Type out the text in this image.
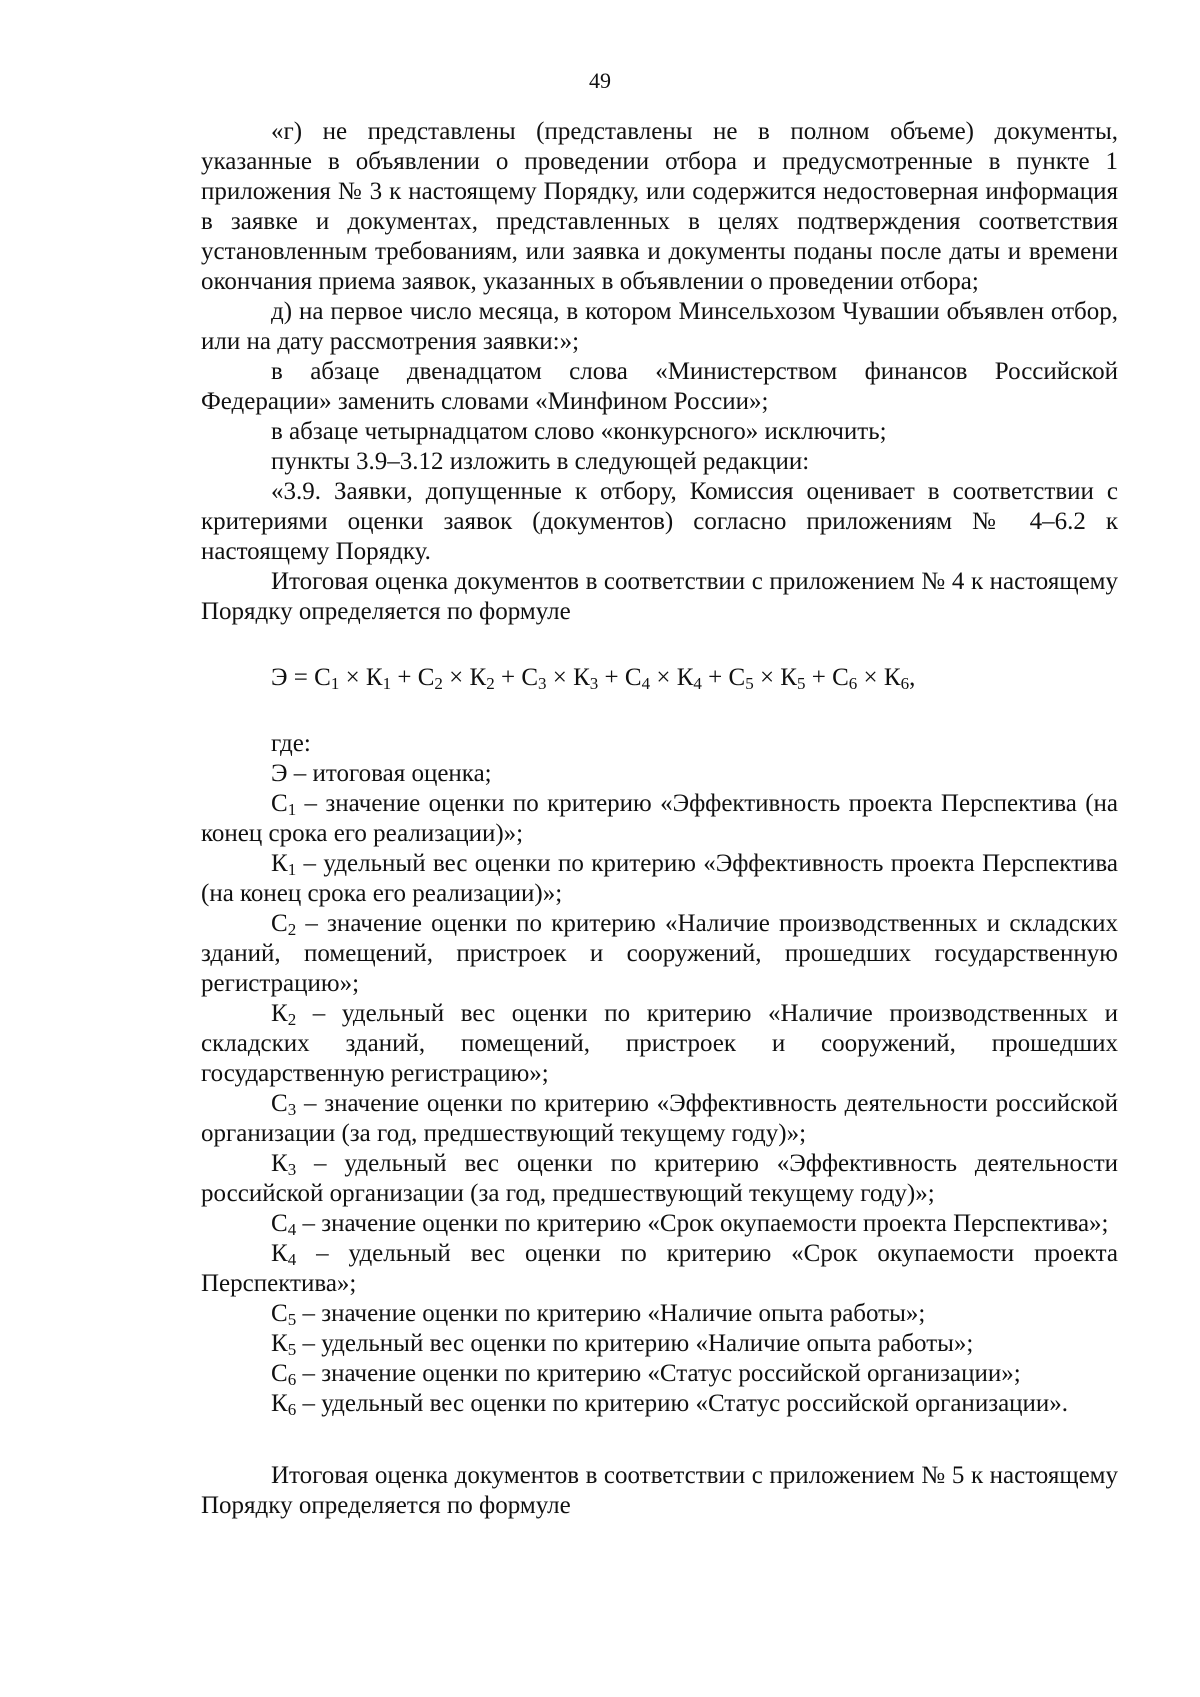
49

«г) не представлены (представлены не в полном объеме) документы, указанные в объявлении о проведении отбора и предусмотренные в пункте 1 приложения № 3 к настоящему Порядку, или содержится недостоверная информация в заявке и документах, представленных в целях подтверждения соответствия установленным требованиям, или заявка и документы поданы после даты и времени окончания приема заявок, указанных в объявлении о проведении отбора;

д) на первое число месяца, в котором Минсельхозом Чувашии объявлен отбор, или на дату рассмотрения заявки:»;

в абзаце двенадцатом слова «Министерством финансов Российской Федерации» заменить словами «Минфином России»;

в абзаце четырнадцатом слово «конкурсного» исключить;

пункты 3.9–3.12 изложить в следующей редакции:

«3.9. Заявки, допущенные к отбору, Комиссия оценивает в соответствии с критериями оценки заявок (документов) согласно приложениям № 4–6.2 к настоящему Порядку.

Итоговая оценка документов в соответствии с приложением № 4 к настоящему Порядку определяется по формуле

$Э = С_1 \times К_1 + С_2 \times К_2 + С_3 \times К_3 + С_4 \times К_4 + С_5 \times К_5 + С_6 \times К_6$,

где:

Э – итоговая оценка;

$С_1$ – значение оценки по критерию «Эффективность проекта Перспектива (на конец срока его реализации)»;

$К_1$ – удельный вес оценки по критерию «Эффективность проекта Перспектива (на конец срока его реализации)»;

$С_2$ – значение оценки по критерию «Наличие производственных и складских зданий, помещений, пристроек и сооружений, прошедших государственную регистрацию»;

$К_2$ – удельный вес оценки по критерию «Наличие производственных и складских зданий, помещений, пристроек и сооружений, прошедших государственную регистрацию»;

$С_3$ – значение оценки по критерию «Эффективность деятельности российской организации (за год, предшествующий текущему году)»;

$К_3$ – удельный вес оценки по критерию «Эффективность деятельности российской организации (за год, предшествующий текущему году)»;

$С_4$ – значение оценки по критерию «Срок окупаемости проекта Перспектива»;

$К_4$ – удельный вес оценки по критерию «Срок окупаемости проекта Перспектива»;

$С_5$ – значение оценки по критерию «Наличие опыта работы»;

$К_5$ – удельный вес оценки по критерию «Наличие опыта работы»;

$С_6$ – значение оценки по критерию «Статус российской организации»;

$К_6$ – удельный вес оценки по критерию «Статус российской организации».

Итоговая оценка документов в соответствии с приложением № 5 к настоящему Порядку определяется по формуле
